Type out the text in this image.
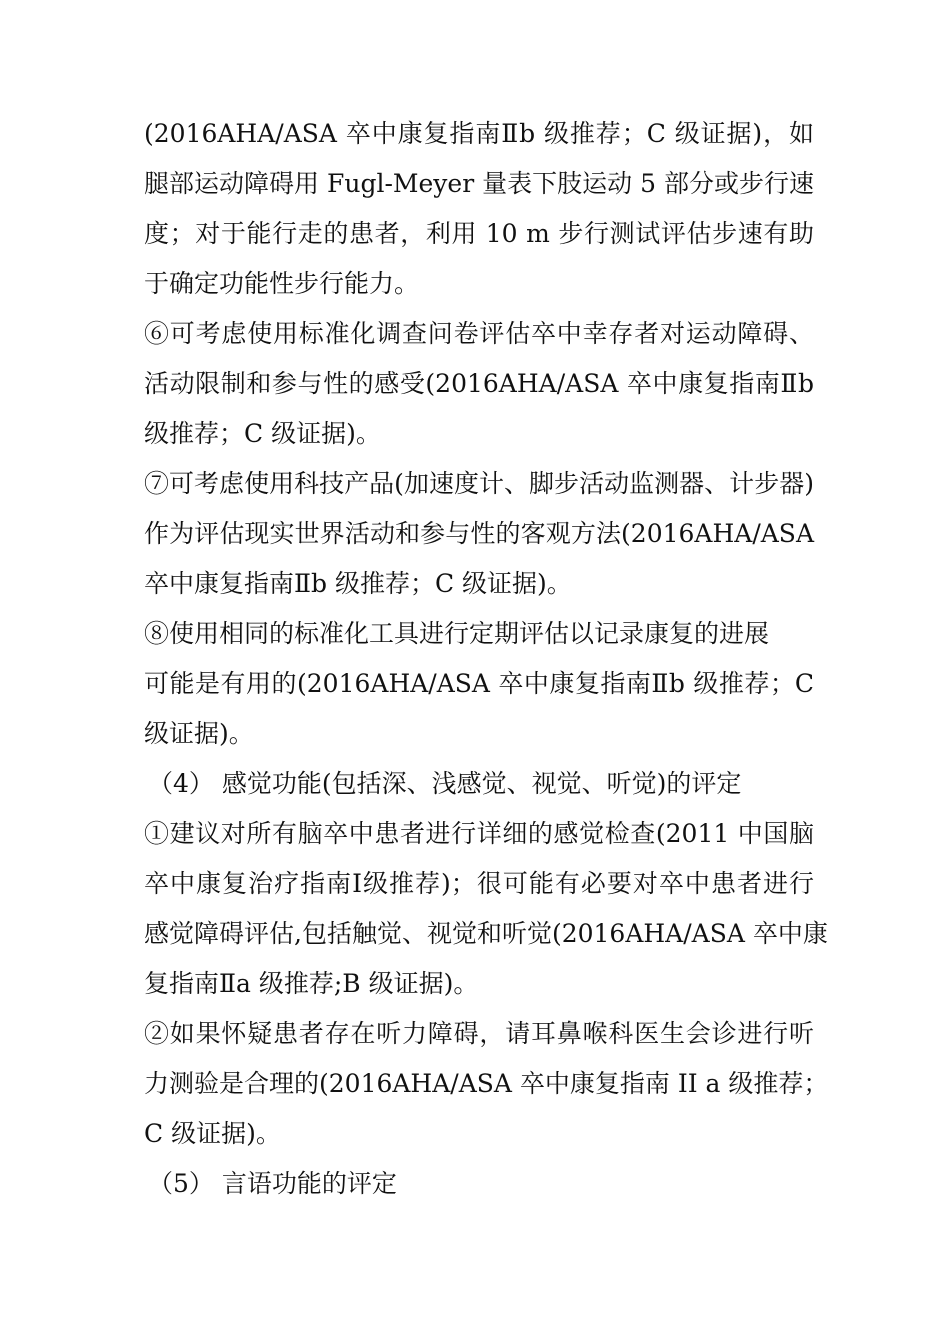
(2016AHA/ASA 卒中康复指南Ⅱb 级推荐；C 级证据)，如
腿部运动障碍用 Fugl-Meyer 量表下肢运动 5 部分或步行速
度；对于能行走的患者，利用 10 m 步行测试评估步速有助
于确定功能性步行能力。
⑥可考虑使用标准化调查问卷评估卒中幸存者对运动障碍、
活动限制和参与性的感受(2016AHA/ASA 卒中康复指南Ⅱb
级推荐；C 级证据)。
⑦可考虑使用科技产品(加速度计、脚步活动监测器、计步器)
作为评估现实世界活动和参与性的客观方法(2016AHA/ASA
卒中康复指南Ⅱb 级推荐；C 级证据)。
⑧使用相同的标准化工具进行定期评估以记录康复的进展
可能是有用的(2016AHA/ASA 卒中康复指南Ⅱb 级推荐；C
级证据)。
（4） 感觉功能(包括深、浅感觉、视觉、听觉)的评定
①建议对所有脑卒中患者进行详细的感觉检查(2011 中国脑
卒中康复治疗指南Ⅰ级推荐)；很可能有必要对卒中患者进行
感觉障碍评估,包括触觉、视觉和听觉(2016AHA/ASA 卒中康
复指南Ⅱa 级推荐;B 级证据)。
②如果怀疑患者存在听力障碍，请耳鼻喉科医生会诊进行听
力测验是合理的(2016AHA/ASA 卒中康复指南 II a 级推荐；
C 级证据)。
（5） 言语功能的评定
